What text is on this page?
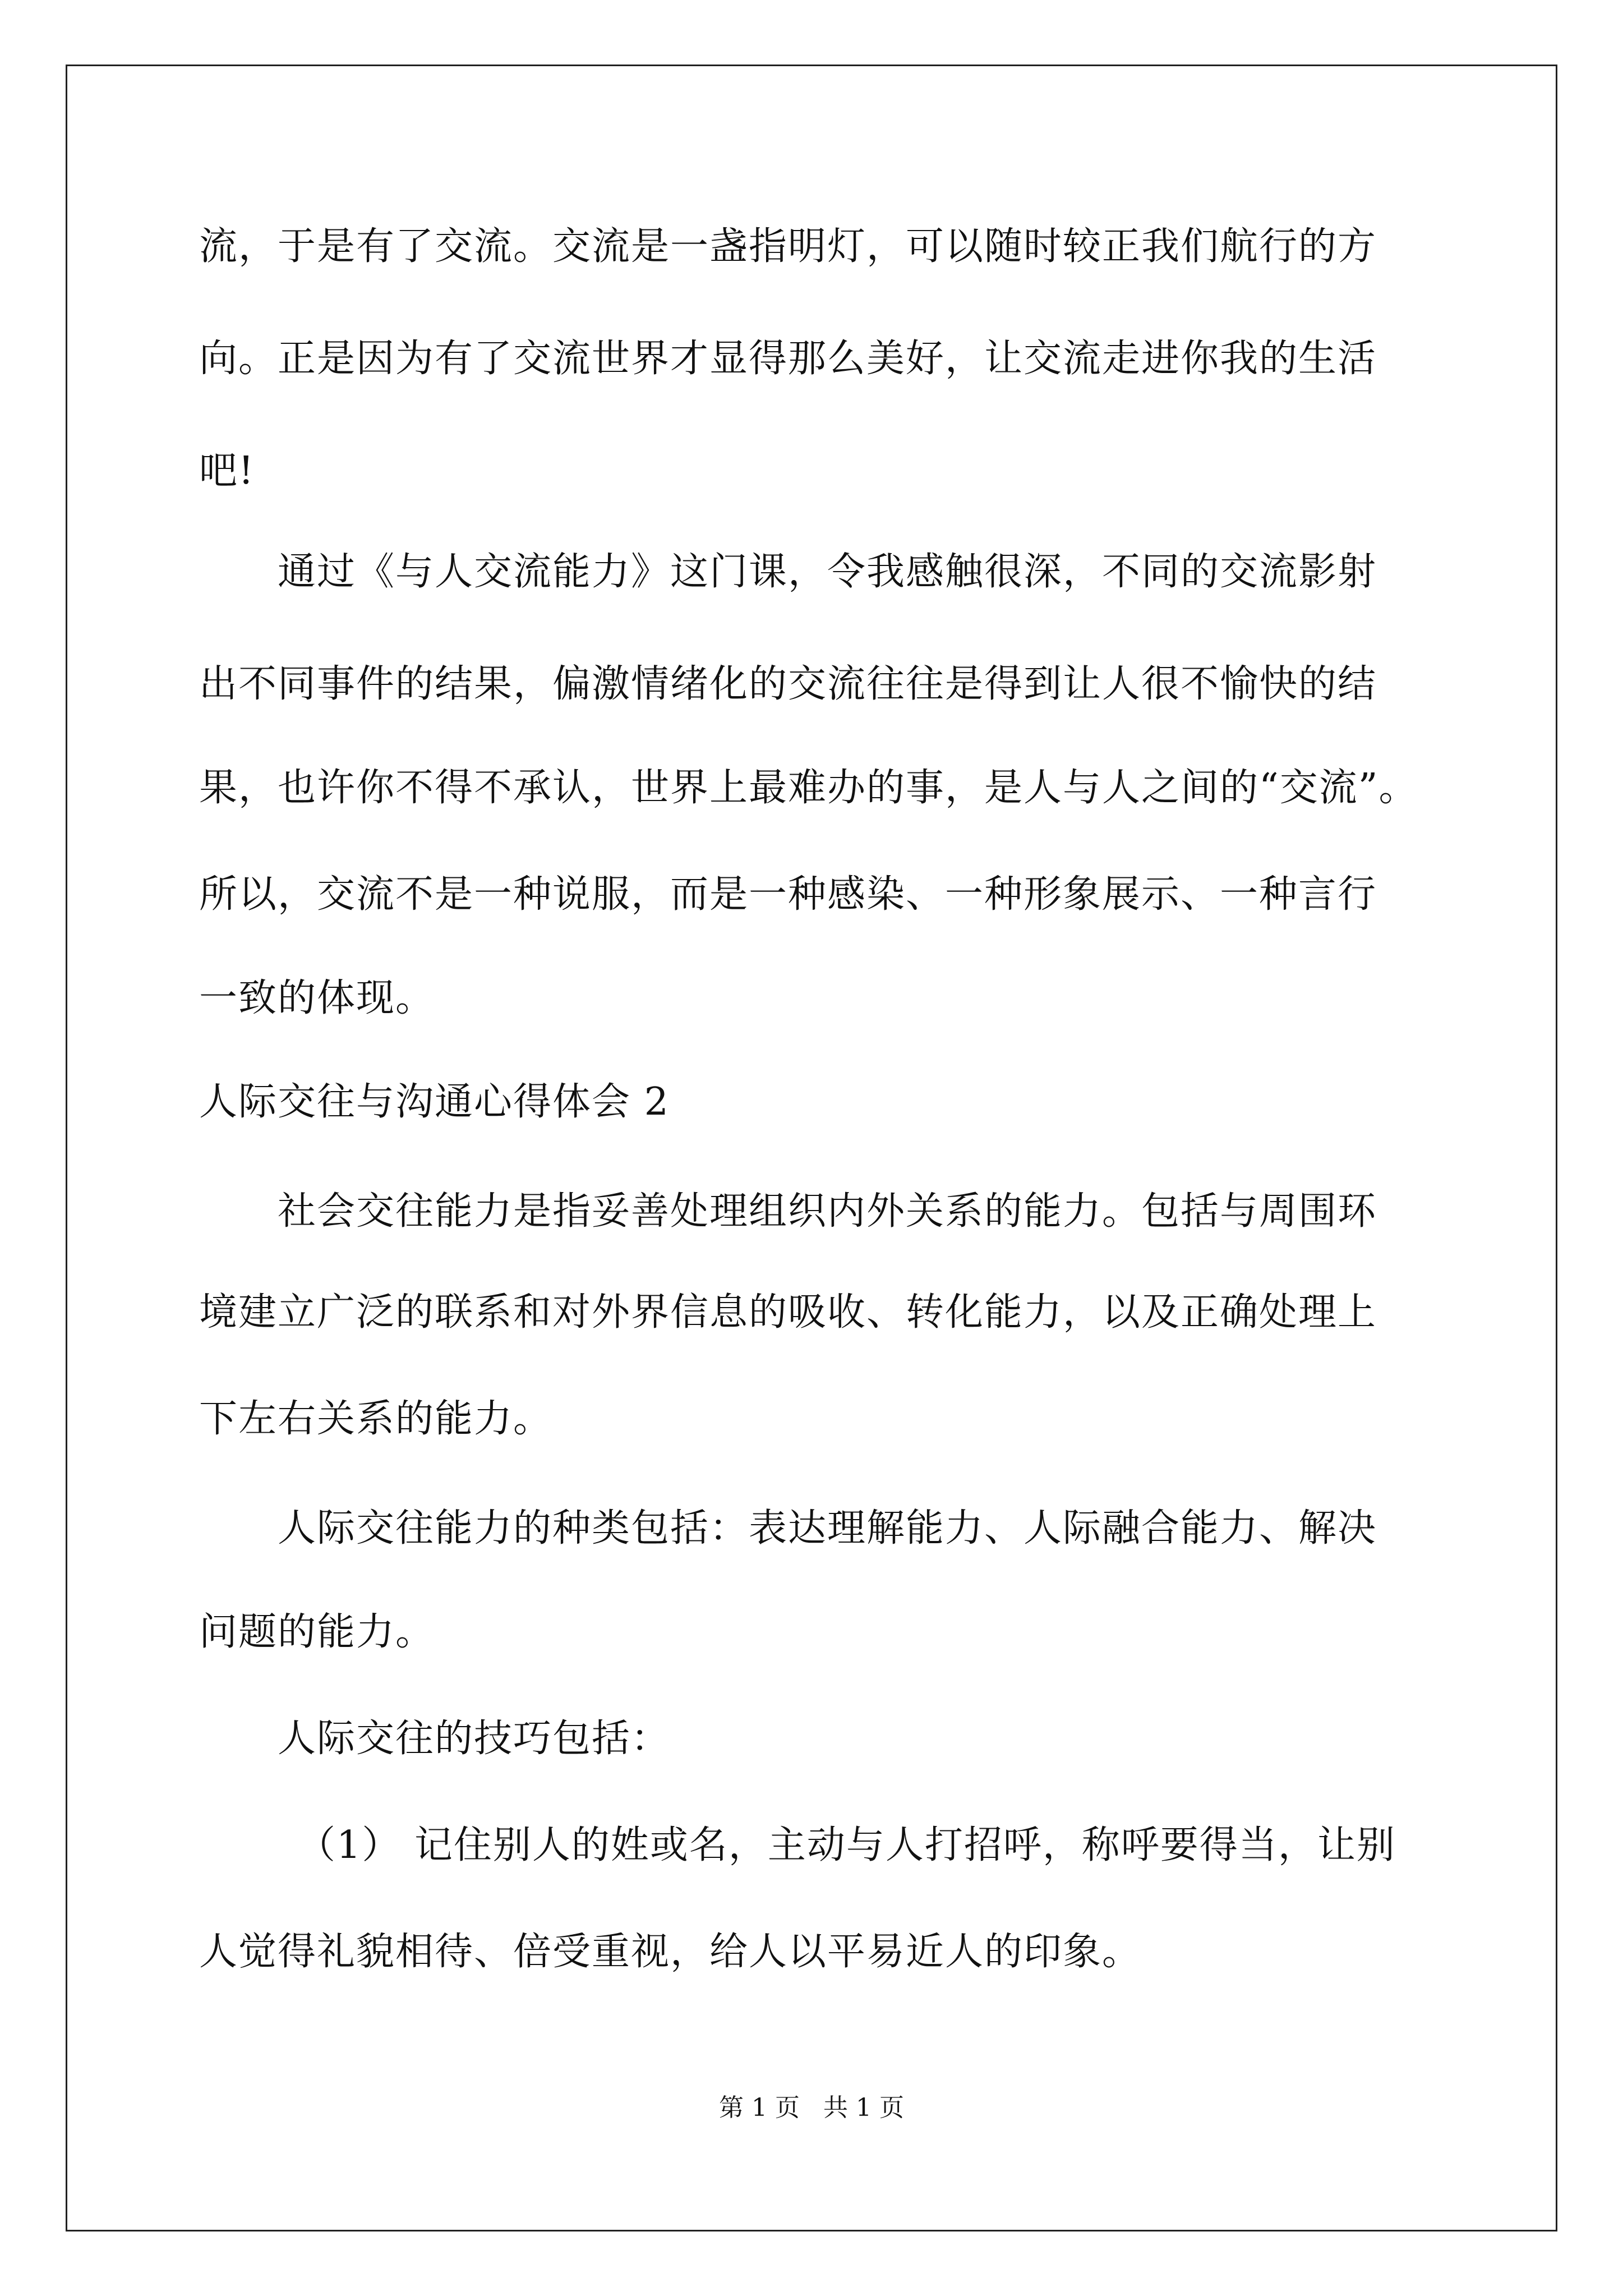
流，于是有了交流。交流是一盏指明灯，可以随时较正我们航行的方
向。正是因为有了交流世界才显得那么美好，让交流走进你我的生活
吧!
通过《与人交流能力》这门课，令我感触很深，不同的交流影射
出不同事件的结果，偏激情绪化的交流往往是得到让人很不愉快的结
果，也许你不得不承认，世界上最难办的事，是人与人之间的“交流”。
所以，交流不是一种说服，而是一种感染、一种形象展示、一种言行
一致的体现。
人际交往与沟通心得体会 2
社会交往能力是指妥善处理组织内外关系的能力。包括与周围环
境建立广泛的联系和对外界信息的吸收、转化能力，以及正确处理上
下左右关系的能力。
人际交往能力的种类包括：表达理解能力、人际融合能力、解决
问题的能力。
人际交往的技巧包括：
（1） 记住别人的姓或名，主动与人打招呼，称呼要得当，让别
人觉得礼貌相待、倍受重视，给人以平易近人的印象。
第 1 页   共 1 页
